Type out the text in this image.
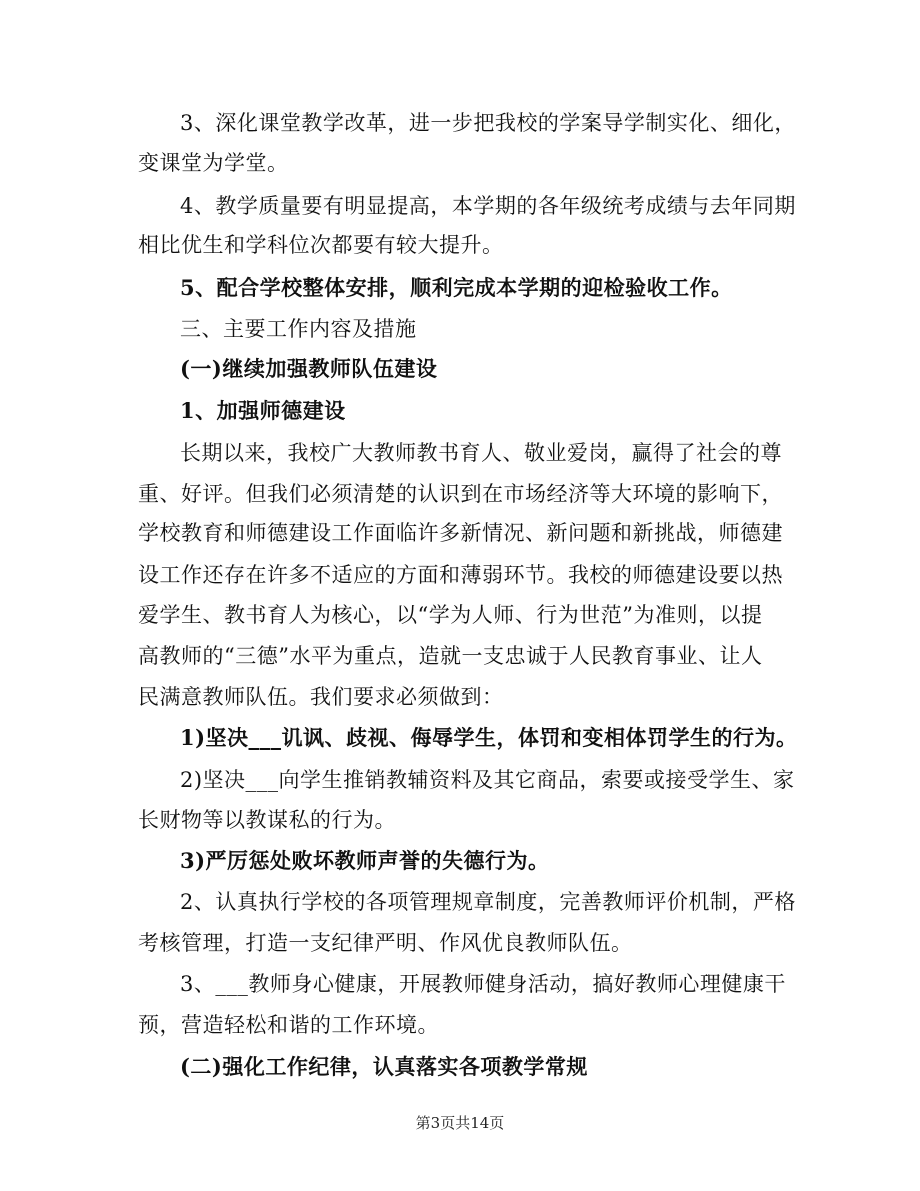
3、深化课堂教学改革，进一步把我校的学案导学制实化、细化，
变课堂为学堂。
4、教学质量要有明显提高，本学期的各年级统考成绩与去年同期
相比优生和学科位次都要有较大提升。
5、配合学校整体安排，顺利完成本学期的迎检验收工作。
三、主要工作内容及措施
(一)继续加强教师队伍建设
1、加强师德建设
长期以来，我校广大教师教书育人、敬业爱岗，赢得了社会的尊
重、好评。但我们必须清楚的认识到在市场经济等大环境的影响下，
学校教育和师德建设工作面临许多新情况、新问题和新挑战，师德建
设工作还存在许多不适应的方面和薄弱环节。我校的师德建设要以热
爱学生、教书育人为核心，以“学为人师、行为世范”为准则，以提
高教师的“三德”水平为重点，造就一支忠诚于人民教育事业、让人
民满意教师队伍。我们要求必须做到：
1)坚决___讥讽、歧视、侮辱学生，体罚和变相体罚学生的行为。
2)坚决___向学生推销教辅资料及其它商品，索要或接受学生、家
长财物等以教谋私的行为。
3)严厉惩处败坏教师声誉的失德行为。
2、认真执行学校的各项管理规章制度，完善教师评价机制，严格
考核管理，打造一支纪律严明、作风优良教师队伍。
3、___教师身心健康，开展教师健身活动，搞好教师心理健康干
预，营造轻松和谐的工作环境。
(二)强化工作纪律，认真落实各项教学常规
第3页共14页
